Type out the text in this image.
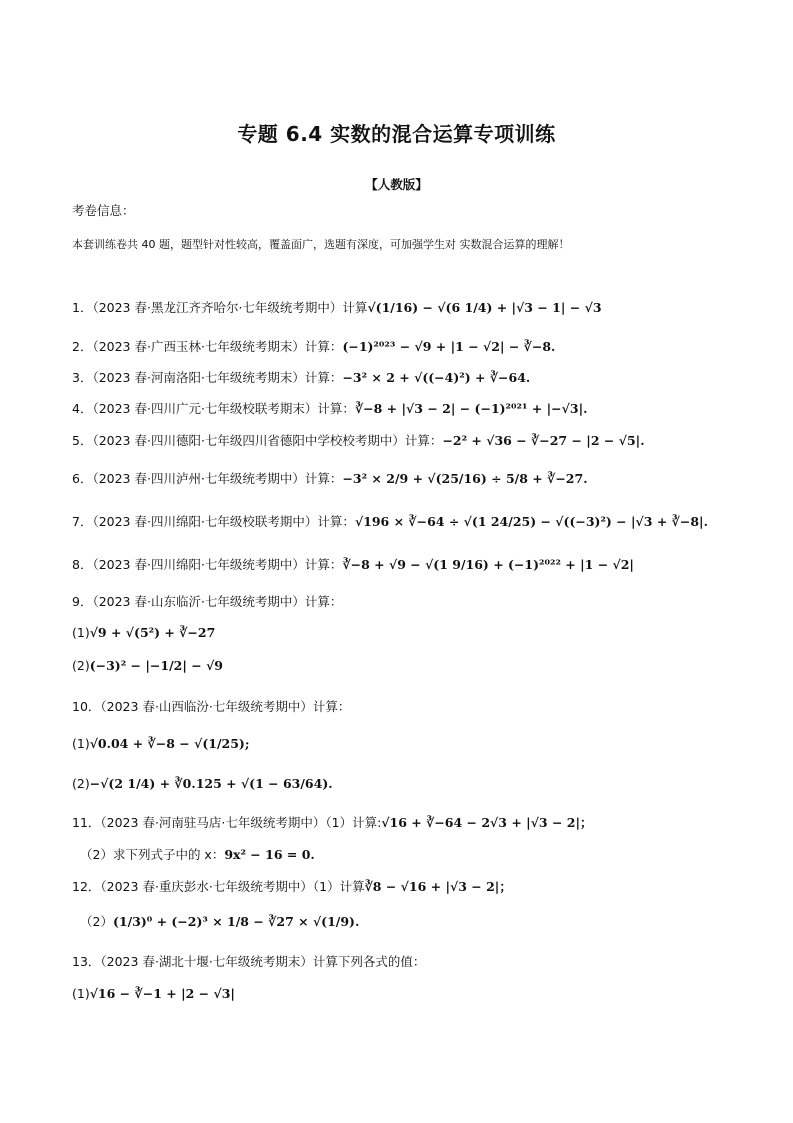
专题 6.4 实数的混合运算专项训练
【人教版】
考卷信息：
本套训练卷共 40 题，题型针对性较高，覆盖面广，选题有深度，可加强学生对 实数混合运算的理解！
1．（2023 春·黑龙江齐齐哈尔·七年级统考期中）计算√(1/16) − √(6 1/4) + |√3 − 1| − √3
2．（2023 春·广西玉林·七年级统考期末）计算：(−1)²⁰²³ − √9 + |1 − √2| − ∛−8.
3．（2023 春·河南洛阳·七年级统考期末）计算：−3² × 2 + √((−4)²) + ∛−64.
4．（2023 春·四川广元·七年级校联考期末）计算：∛−8 + |√3 − 2| − (−1)²⁰²¹ + |−√3|.
5．（2023 春·四川德阳·七年级四川省德阳中学校校考期中）计算：−2² + √36 − ∛−27 − |2 − √5|.
6．（2023 春·四川泸州·七年级统考期中）计算：−3² × 2/9 + √(25/16) ÷ 5/8 + ∛−27.
7．（2023 春·四川绵阳·七年级校联考期中）计算：√196 × ∛−64 ÷ √(1 24/25) − √((−3)²) − |√3 + ∛−8|.
8．（2023 春·四川绵阳·七年级统考期中）计算：∛−8 + √9 − √(1 9/16) + (−1)²⁰²² + |1 − √2|
9．（2023 春·山东临沂·七年级统考期中）计算：
(1)√9 + √(5²) + ∛−27
(2)(−3)² − |−1/2| − √9
10．（2023 春·山西临汾·七年级统考期中）计算：
(1)√0.04 + ∛−8 − √(1/25);
(2)−√(2 1/4) + ∛0.125 + √(1 − 63/64).
11．（2023 春·河南驻马店·七年级统考期中）（1）计算:√16 + ∛−64 − 2√3 + |√3 − 2|；
（2）求下列式子中的 x：9x² − 16 = 0.
12．（2023 春·重庆彭水·七年级统考期中）（1）计算∛8 − √16 + |√3 − 2|；
（2）(1/3)⁰ + (−2)³ × 1/8 − ∛27 × √(1/9).
13．（2023 春·湖北十堰·七年级统考期末）计算下列各式的值：
(1)√16 − ∛−1 + |2 − √3|
